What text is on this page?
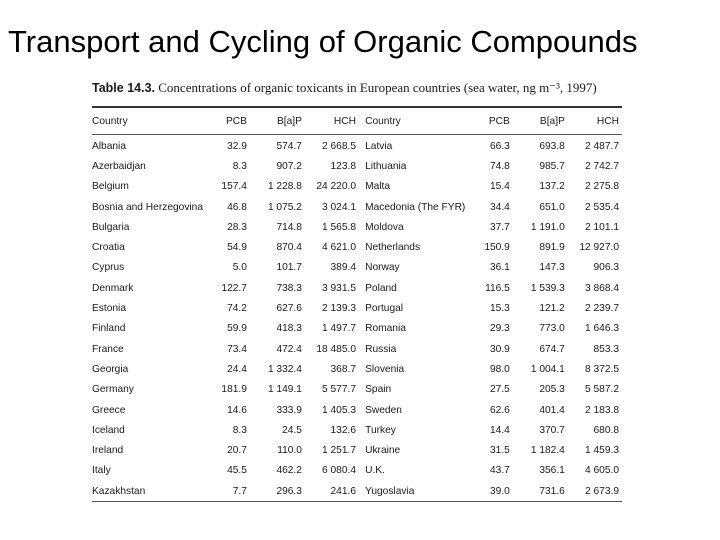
Transport and Cycling of Organic Compounds
Table 14.3. Concentrations of organic toxicants in European countries (sea water, ng m⁻³, 1997)
Country	PCB	B[a]P	HCH		Country	PCB	B[a]P	HCH

Albania	32.9	574.7	2 668.5		Latvia	66.3	693.8	2 487.7
Azerbaidjan	8.3	907.2	123.8		Lithuania	74.8	985.7	2 742.7
Belgium	157.4	1 228.8	24 220.0		Malta	15.4	137.2	2 275.8
Bosnia and Herzegovina	46.8	1 075.2	3 024.1		Macedonia (The FYR)	34.4	651.0	2 535.4
Bulgaria	28.3	714.8	1 565.8		Moldova	37.7	1 191.0	2 101.1
Croatia	54.9	870.4	4 621.0		Netherlands	150.9	891.9	12 927.0
Cyprus	5.0	101.7	389.4		Norway	36.1	147.3	906.3
Denmark	122.7	738.3	3 931.5		Poland	116.5	1 539.3	3 868.4
Estonia	74.2	627.6	2 139.3		Portugal	15.3	121.2	2 239.7
Finland	59.9	418.3	1 497.7		Romania	29.3	773.0	1 646.3
France	73.4	472.4	18 485.0		Russia	30.9	674.7	853.3
Georgia	24.4	1 332.4	368.7		Slovenia	98.0	1 004.1	8 372.5
Germany	181.9	1 149.1	5 577.7		Spain	27.5	205.3	5 587.2
Greece	14.6	333.9	1 405.3		Sweden	62.6	401.4	2 183.8
Iceland	8.3	24.5	132.6		Turkey	14.4	370.7	680.8
Ireland	20.7	110.0	1 251.7		Ukraine	31.5	1 182.4	1 459.3
Italy	45.5	462.2	6 080.4		U.K.	43.7	356.1	4 605.0
Kazakhstan	7.7	296.3	241.6		Yugoslavia	39.0	731.6	2 673.9
